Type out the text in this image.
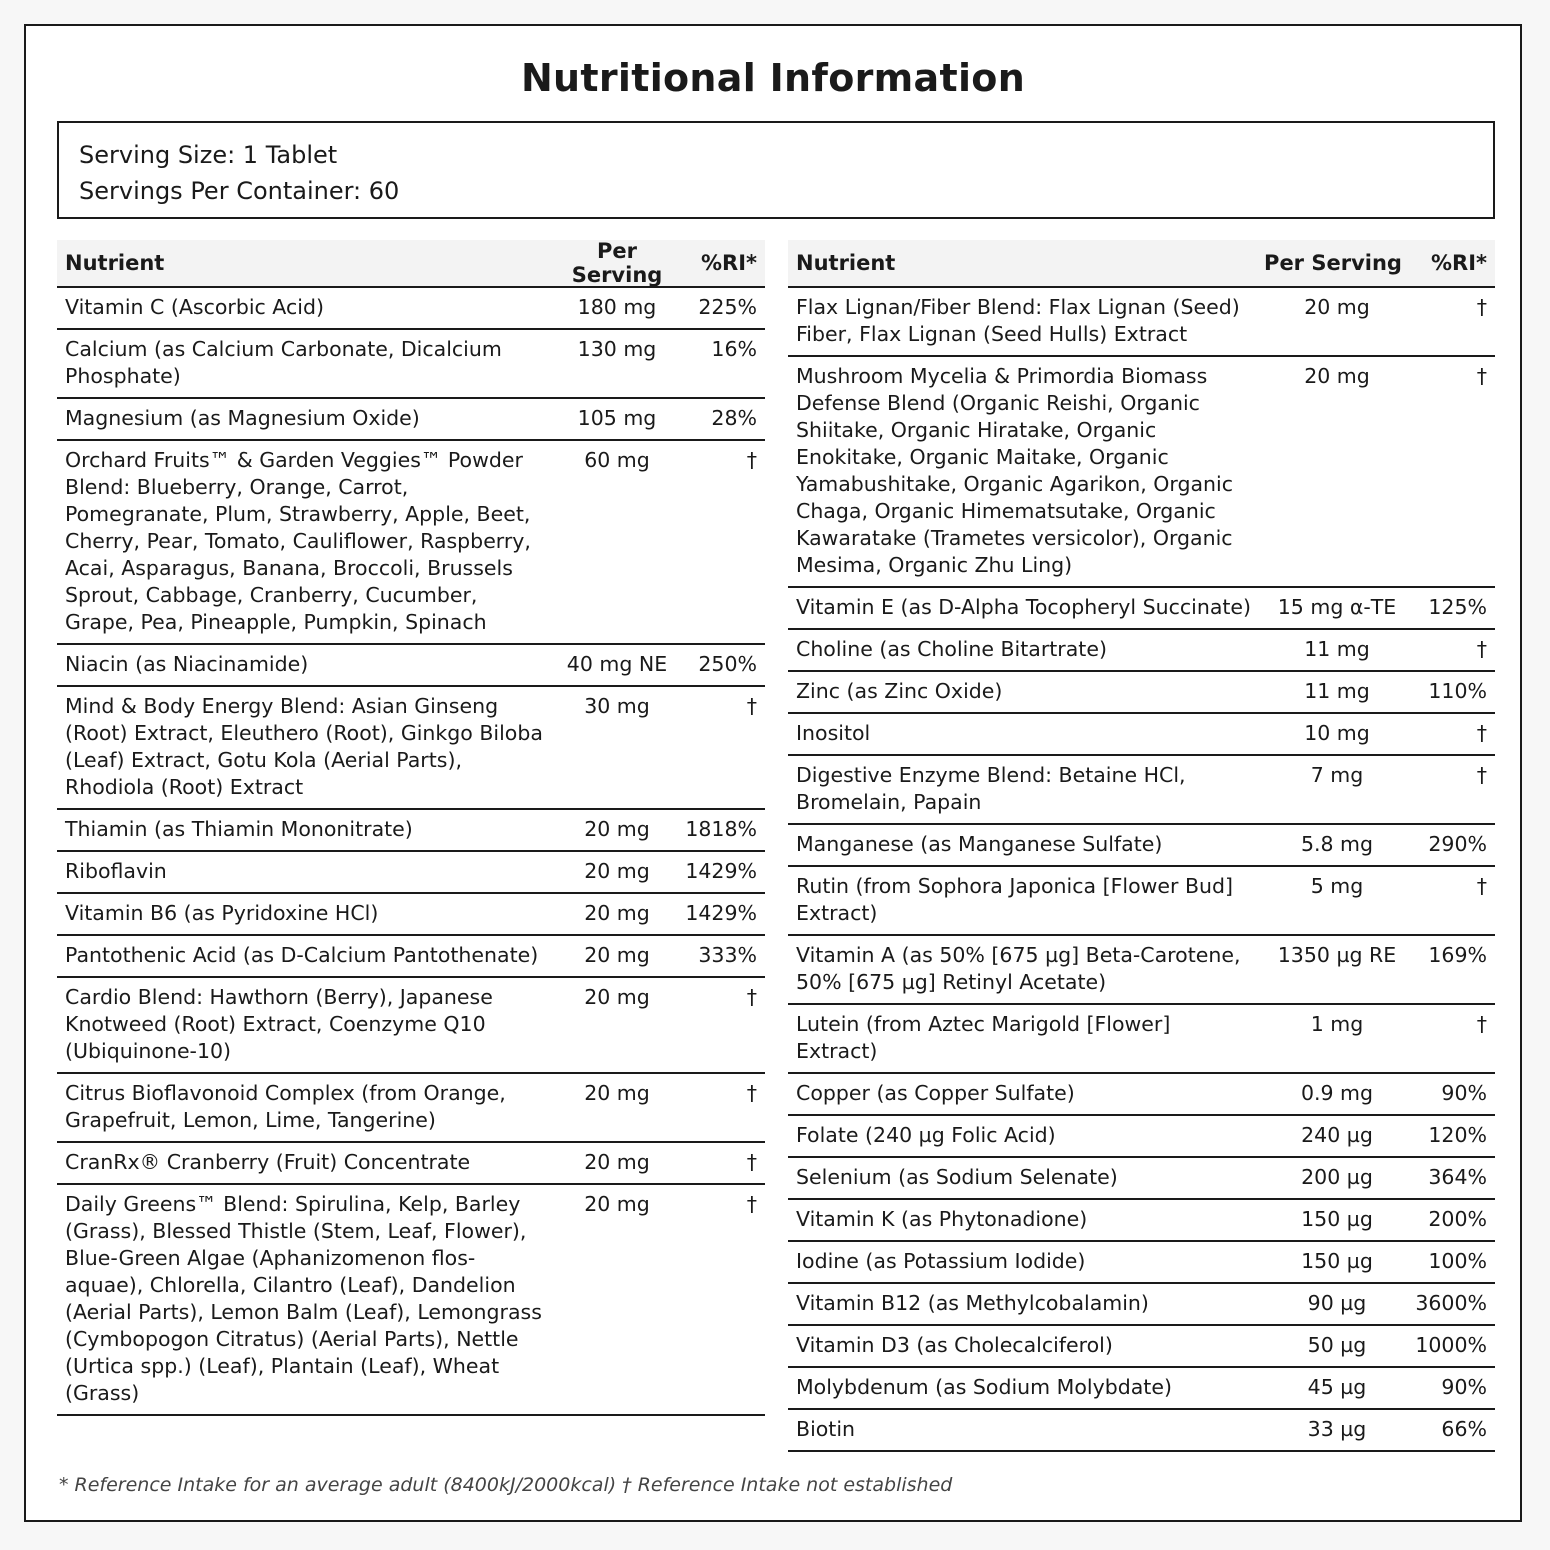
Nutritional Information
Serving Size: 1 Tablet
Servings Per Container: 60
Nutrient	Per Serving	%RI*
Vitamin C (Ascorbic Acid)	180 mg	225%
Calcium (as Calcium Carbonate, Dicalcium Phosphate)
130 mg	16%
Magnesium (as Magnesium Oxide)	105 mg	28%
Orchard Fruits™ & Garden Veggies™ Powder Blend: Blueberry, Orange, Carrot, Pomegranate, Plum, Strawberry, Apple, Beet, Cherry, Pear, Tomato, Cauliflower, Raspberry, Acai, Asparagus, Banana, Broccoli, Brussels Sprout, Cabbage, Cranberry, Cucumber, Grape, Pea, Pineapple, Pumpkin, Spinach
60 mg	†
Niacin (as Niacinamide)	40 mg NE	250%
Mind & Body Energy Blend: Asian Ginseng (Root) Extract, Eleuthero (Root), Ginkgo Biloba (Leaf) Extract, Gotu Kola (Aerial Parts), Rhodiola (Root) Extract
30 mg	†
Thiamin (as Thiamin Mononitrate)	20 mg	1818%
Riboflavin	20 mg	1429%
Vitamin B6 (as Pyridoxine HCl)	20 mg	1429%
Pantothenic Acid (as D-Calcium Pantothenate)	20 mg	333%
Cardio Blend: Hawthorn (Berry), Japanese Knotweed (Root) Extract, Coenzyme Q10 (Ubiquinone-10)
20 mg	†
Citrus Bioflavonoid Complex (from Orange, Grapefruit, Lemon, Lime, Tangerine)
20 mg	†
CranRx® Cranberry (Fruit) Concentrate	20 mg	†
Daily Greens™ Blend: Spirulina, Kelp, Barley (Grass), Blessed Thistle (Stem, Leaf, Flower), Blue-Green Algae (Aphanizomenon flos-aquae), Chlorella, Cilantro (Leaf), Dandelion (Aerial Parts), Lemon Balm (Leaf), Lemongrass (Cymbopogon Citratus) (Aerial Parts), Nettle (Urtica spp.) (Leaf), Plantain (Leaf), Wheat (Grass)
20 mg	†
Nutrient	Per Serving	%RI*
Flax Lignan/Fiber Blend: Flax Lignan (Seed) Fiber, Flax Lignan (Seed Hulls) Extract
20 mg	†
Mushroom Mycelia & Primordia Biomass Defense Blend (Organic Reishi, Organic Shiitake, Organic Hiratake, Organic Enokitake, Organic Maitake, Organic Yamabushitake, Organic Agarikon, Organic Chaga, Organic Himematsutake, Organic Kawaratake (Trametes versicolor), Organic Mesima, Organic Zhu Ling)
20 mg	†
Vitamin E (as D-Alpha Tocopheryl Succinate)	15 mg α-TE	125%
Choline (as Choline Bitartrate)	11 mg	†
Zinc (as Zinc Oxide)	11 mg	110%
Inositol	10 mg	†
Digestive Enzyme Blend: Betaine HCl, Bromelain, Papain
7 mg	†
Manganese (as Manganese Sulfate)	5.8 mg	290%
Rutin (from Sophora Japonica [Flower Bud] Extract)
5 mg	†
Vitamin A (as 50% [675 µg] Beta-Carotene, 50% [675 µg] Retinyl Acetate)
1350 µg RE	169%
Lutein (from Aztec Marigold [Flower] Extract)
1 mg	†
Copper (as Copper Sulfate)	0.9 mg	90%
Folate (240 µg Folic Acid)	240 µg	120%
Selenium (as Sodium Selenate)	200 µg	364%
Vitamin K (as Phytonadione)	150 µg	200%
Iodine (as Potassium Iodide)	150 µg	100%
Vitamin B12 (as Methylcobalamin)	90 µg	3600%
Vitamin D3 (as Cholecalciferol)	50 µg	1000%
Molybdenum (as Sodium Molybdate)	45 µg	90%
Biotin	33 µg	66%
* Reference Intake for an average adult (8400kJ/2000kcal) † Reference Intake not established
